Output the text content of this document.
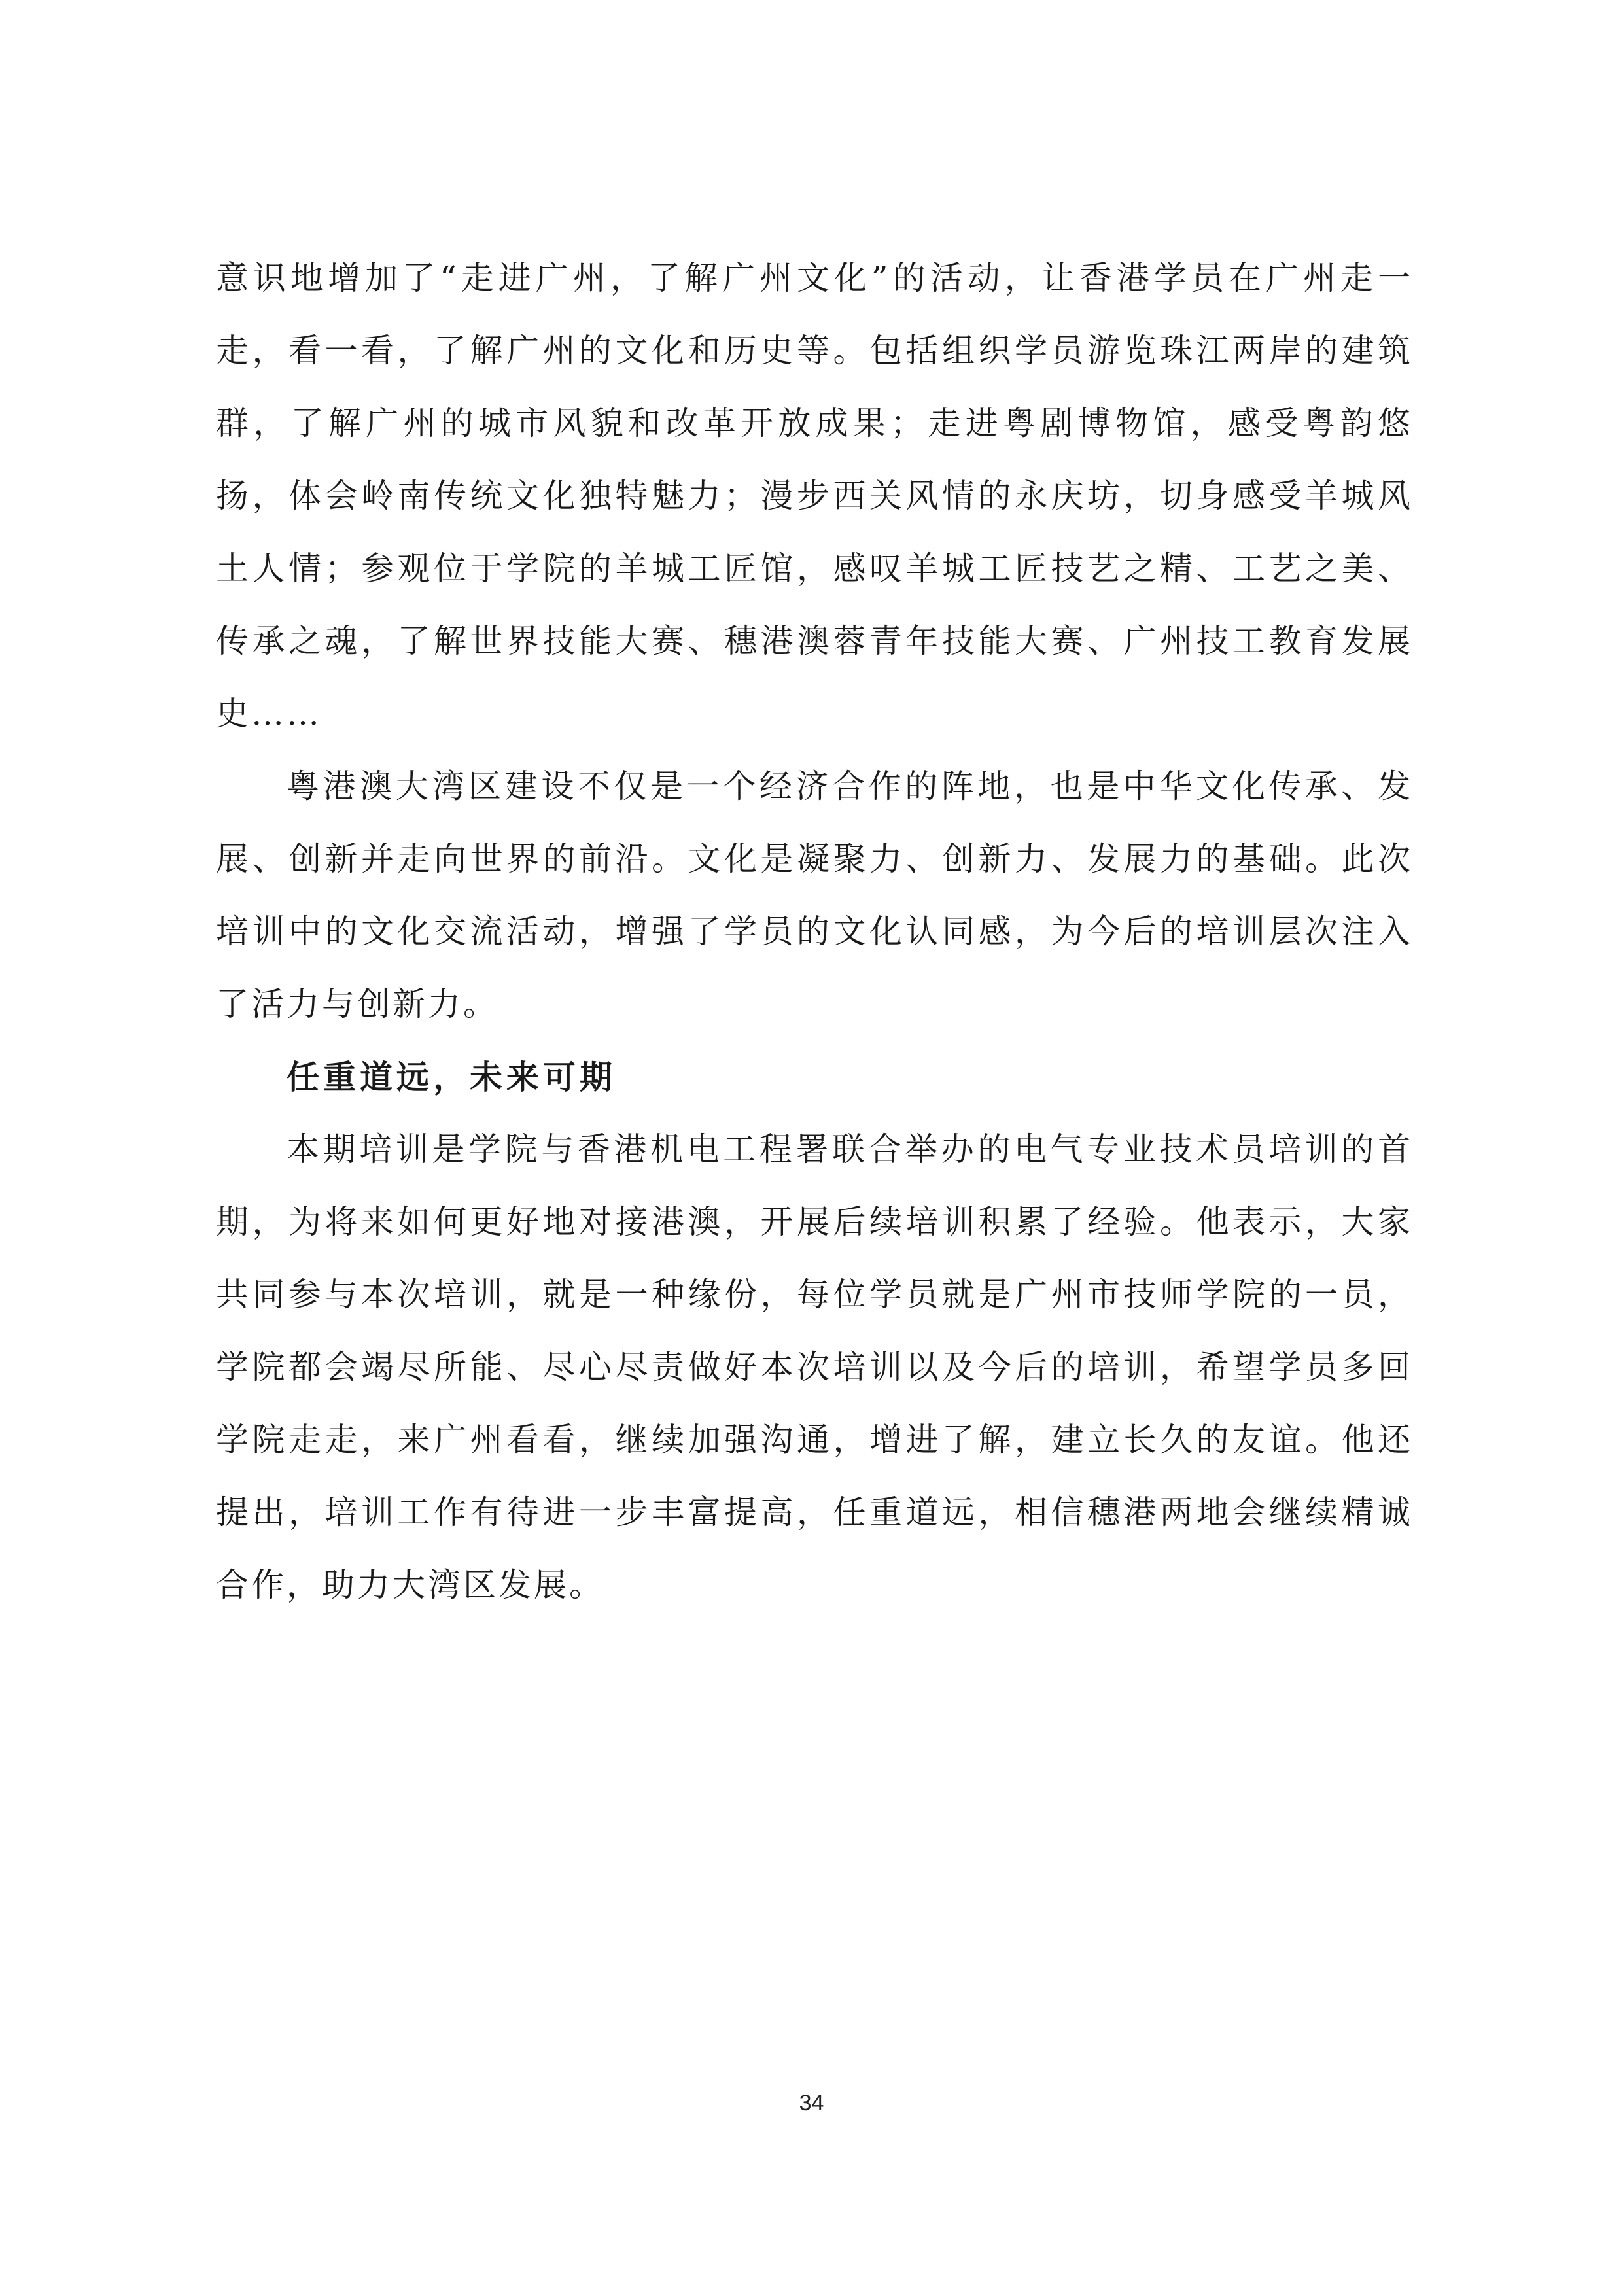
意识地增加了“走进广州，了解广州文化”的活动，让香港学员在广州走一走，看一看，了解广州的文化和历史等。包括组织学员游览珠江两岸的建筑群，了解广州的城市风貌和改革开放成果；走进粤剧博物馆，感受粤韵悠扬，体会岭南传统文化独特魅力；漫步西关风情的永庆坊，切身感受羊城风土人情；参观位于学院的羊城工匠馆，感叹羊城工匠技艺之精、工艺之美、传承之魂，了解世界技能大赛、穗港澳蓉青年技能大赛、广州技工教育发展史……

粤港澳大湾区建设不仅是一个经济合作的阵地，也是中华文化传承、发展、创新并走向世界的前沿。文化是凝聚力、创新力、发展力的基础。此次培训中的文化交流活动，增强了学员的文化认同感，为今后的培训层次注入了活力与创新力。

任重道远，未来可期

本期培训是学院与香港机电工程署联合举办的电气专业技术员培训的首期，为将来如何更好地对接港澳，开展后续培训积累了经验。他表示，大家共同参与本次培训，就是一种缘份，每位学员就是广州市技师学院的一员，学院都会竭尽所能、尽心尽责做好本次培训以及今后的培训，希望学员多回学院走走，来广州看看，继续加强沟通，增进了解，建立长久的友谊。他还提出，培训工作有待进一步丰富提高，任重道远，相信穗港两地会继续精诚合作，助力大湾区发展。

34
